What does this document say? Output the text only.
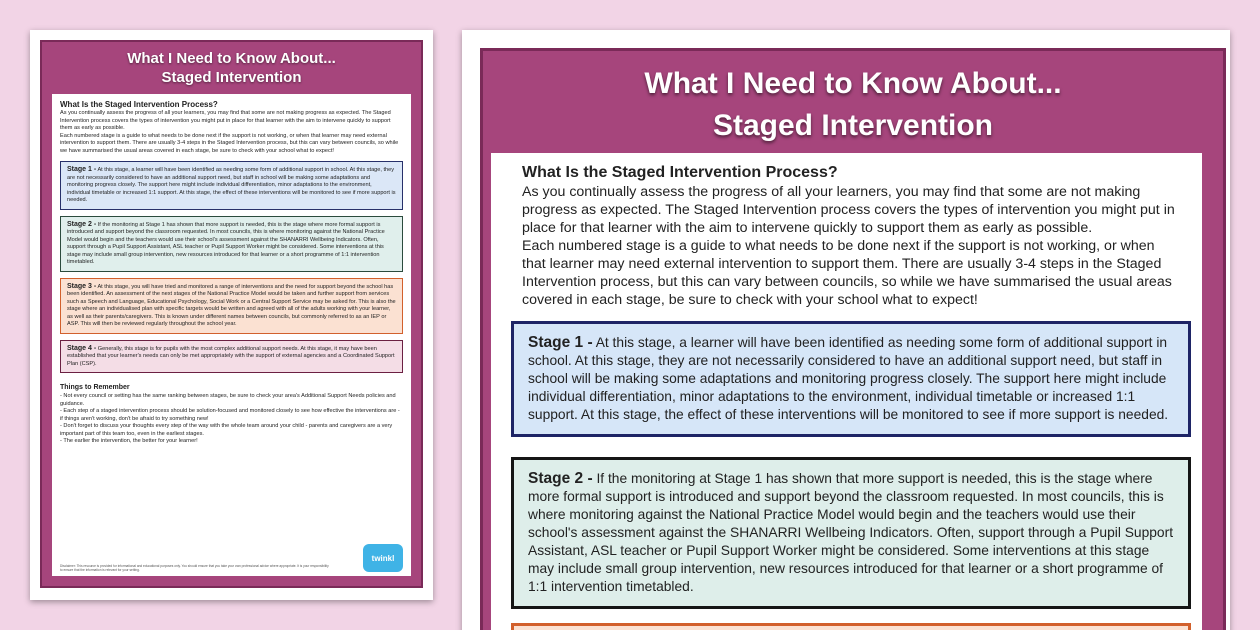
What I Need to Know About...
Staged Intervention
What Is the Staged Intervention Process?
As you continually assess the progress of all your learners, you may find that some are not making progress as expected. The Staged Intervention process covers the types of intervention you might put in place for that learner with the aim to intervene quickly to support them as early as possible.
Each numbered stage is a guide to what needs to be done next if the support is not working, or when that learner may need external intervention to support them. There are usually 3-4 steps in the Staged Intervention process, but this can vary between councils, so while we have summarised the usual areas covered in each stage, be sure to check with your school what to expect!
Stage 1 - At this stage, a learner will have been identified as needing some form of additional support in school. At this stage, they are not necessarily considered to have an additional support need, but staff in school will be making some adaptations and monitoring progress closely. The support here might include individual differentiation, minor adaptations to the environment, individual timetable or increased 1:1 support. At this stage, the effect of these interventions will be monitored to see if more support is needed.
Stage 2 - If the monitoring at Stage 1 has shown that more support is needed, this is the stage where more formal support is introduced and support beyond the classroom requested. In most councils, this is where monitoring against the National Practice Model would begin and the teachers would use their school's assessment against the SHANARRI Wellbeing Indicators. Often, support through a Pupil Support Assistant, ASL teacher or Pupil Support Worker might be considered. Some interventions at this stage may include small group intervention, new resources introduced for that learner or a short programme of 1:1 intervention timetabled.
Stage 3 - At this stage, you will have tried and monitored a range of interventions and the need for support beyond the school has been identified. An assessment of the next stages of the National Practice Model would be taken and further support from services such as Speech and Language, Educational Psychology, Social Work or a Central Support Service may be asked for. This is also the stage where an individualised plan with specific targets would be written and agreed with all of the adults working with your learner, as well as their parents/caregivers. This is known under different names between councils, but commonly referred to as an IEP or ASP. This will then be reviewed regularly throughout the school year.
Stage 4 - Generally, this stage is for pupils with the most complex additional support needs. At this stage, it may have been established that your learner's needs can only be met appropriately with the support of external agencies and a Coordinated Support Plan (CSP).
Things to Remember
- Not every council or setting has the same ranking between stages, be sure to check your area's Additional Support Needs policies and guidance.
- Each step of a staged intervention process should be solution-focused and monitored closely to see how effective the interventions are - if things aren't working, don't be afraid to try something new!
- Don't forget to discuss your thoughts every step of the way with the whole team around your child - parents and caregivers are a very important part of this team too, even in the earliest stages.
- The earlier the intervention, the better for your learner!
Disclaimer: This resource is provided for informational and educational purposes only. You should ensure that you take your own professional advice where appropriate. It is your responsibility to ensure that the information is relevant for your setting.
twinkl
What I Need to Know About...
Staged Intervention
What Is the Staged Intervention Process?
As you continually assess the progress of all your learners, you may find that some are not making progress as expected. The Staged Intervention process covers the types of intervention you might put in place for that learner with the aim to intervene quickly to support them as early as possible.
Each numbered stage is a guide to what needs to be done next if the support is not working, or when that learner may need external intervention to support them. There are usually 3-4 steps in the Staged Intervention process, but this can vary between councils, so while we have summarised the usual areas covered in each stage, be sure to check with your school what to expect!
Stage 1 - At this stage, a learner will have been identified as needing some form of additional support in school. At this stage, they are not necessarily considered to have an additional support need, but staff in school will be making some adaptations and monitoring progress closely. The support here might include individual differentiation, minor adaptations to the environment, individual timetable or increased 1:1 support. At this stage, the effect of these interventions will be monitored to see if more support is needed.
Stage 2 - If the monitoring at Stage 1 has shown that more support is needed, this is the stage where more formal support is introduced and support beyond the classroom requested. In most councils, this is where monitoring against the National Practice Model would begin and the teachers would use their school's assessment against the SHANARRI Wellbeing Indicators. Often, support through a Pupil Support Assistant, ASL teacher or Pupil Support Worker might be considered. Some interventions at this stage may include small group intervention, new resources introduced for that learner or a short programme of 1:1 intervention timetabled.
